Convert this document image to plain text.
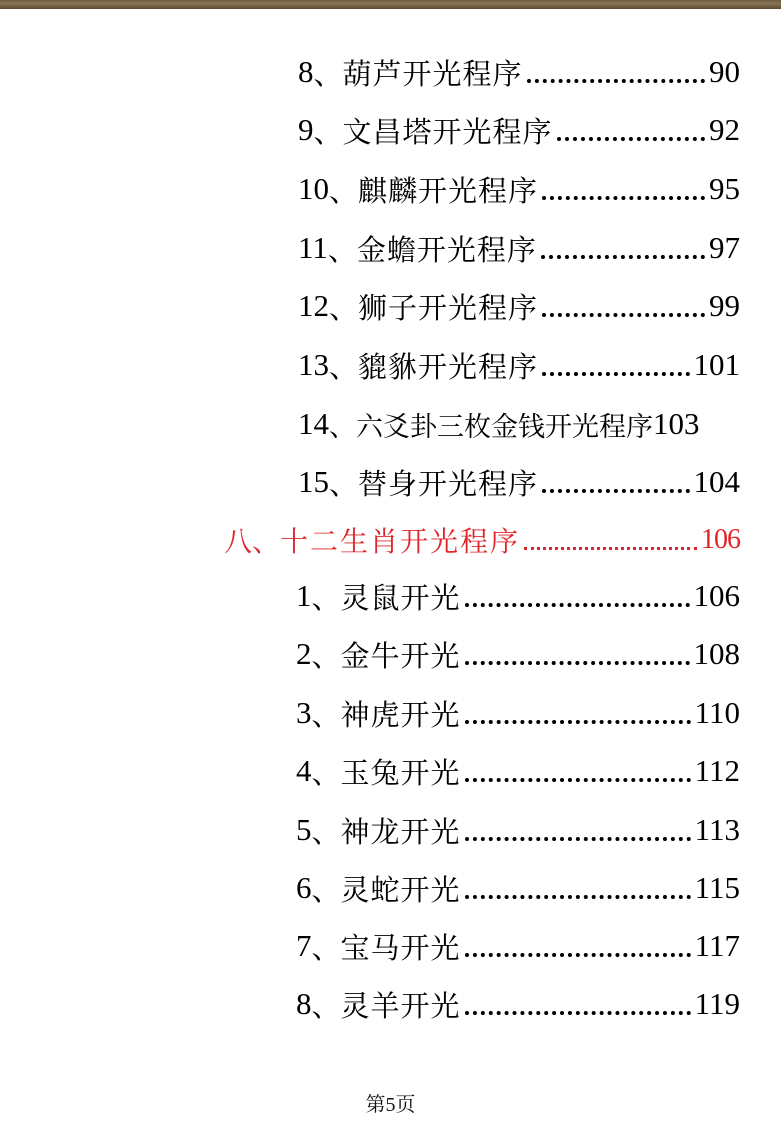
8 、 葫芦开光程序	90
9 、 文昌塔开光程序	92
10 、 麒麟开光程序	95
11 、 金蟾开光程序	97
12 、 狮子开光程序	99
13 、 貔貅开光程序	101
14 、 六爻卦三枚金钱开光程序 103
15 、 替身开光程序	104
八 、 十二生肖开光程序	106
1 、 灵鼠开光	106
2 、 金牛开光	108
3 、 神虎开光	110
4 、 玉兔开光	112
5 、 神龙开光	113
6 、 灵蛇开光	115
7 、 宝马开光	117
8 、 灵羊开光	119
第5页
